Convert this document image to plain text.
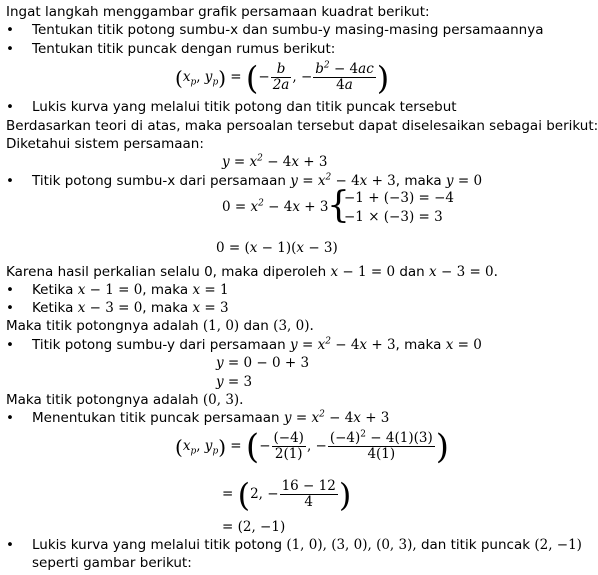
Ingat langkah menggambar grafik persamaan kuadrat berikut:
• Tentukan titik potong sumbu-x dan sumbu-y masing-masing persamaannya
• Tentukan titik puncak dengan rumus berikut:
($x_p$, $y_p$) = (− $\frac{b}{2a}$ , − $\frac{b^2 - 4ac}{4a}$ )
• Lukis kurva yang melalui titik potong dan titik puncak tersebut
Berdasarkan teori di atas, maka persoalan tersebut dapat diselesaikan sebagai berikut:
Diketahui sistem persamaan:
$y = x^2 - 4x + 3$
• Titik potong sumbu-x dari persamaan $y = x^2 - 4x + 3$, maka y = 0
$0 = x^2 - 4x + 3$
{
−1 + (−3) = −4
−1 × (−3) = 3
0 = (x − 1)(x − 3)
Karena hasil perkalian selalu 0, maka diperoleh x − 1 = 0 dan x − 3 = 0.
• Ketika x − 1 = 0, maka x = 1
• Ketika x − 3 = 0, maka x = 3
Maka titik potongnya adalah (1, 0) dan (3, 0).
• Titik potong sumbu-y dari persamaan $y = x^2 - 4x + 3$, maka x = 0
y = 0 − 0 + 3
y = 3
Maka titik potongnya adalah (0, 3).
• Menentukan titik puncak persamaan $y = x^2 - 4x + 3$
($x_p$, $y_p$) = (− $\frac{(-4)}{2(1)}$ , − $\frac{(-4)^2 - 4(1)(3)}{4(1)}$ )
= (2, − $\frac{16 - 12}{4}$ )
= (2, −1)
• Lukis kurva yang melalui titik potong (1, 0), (3, 0), (0, 3), dan titik puncak (2, −1)
seperti gambar berikut:
